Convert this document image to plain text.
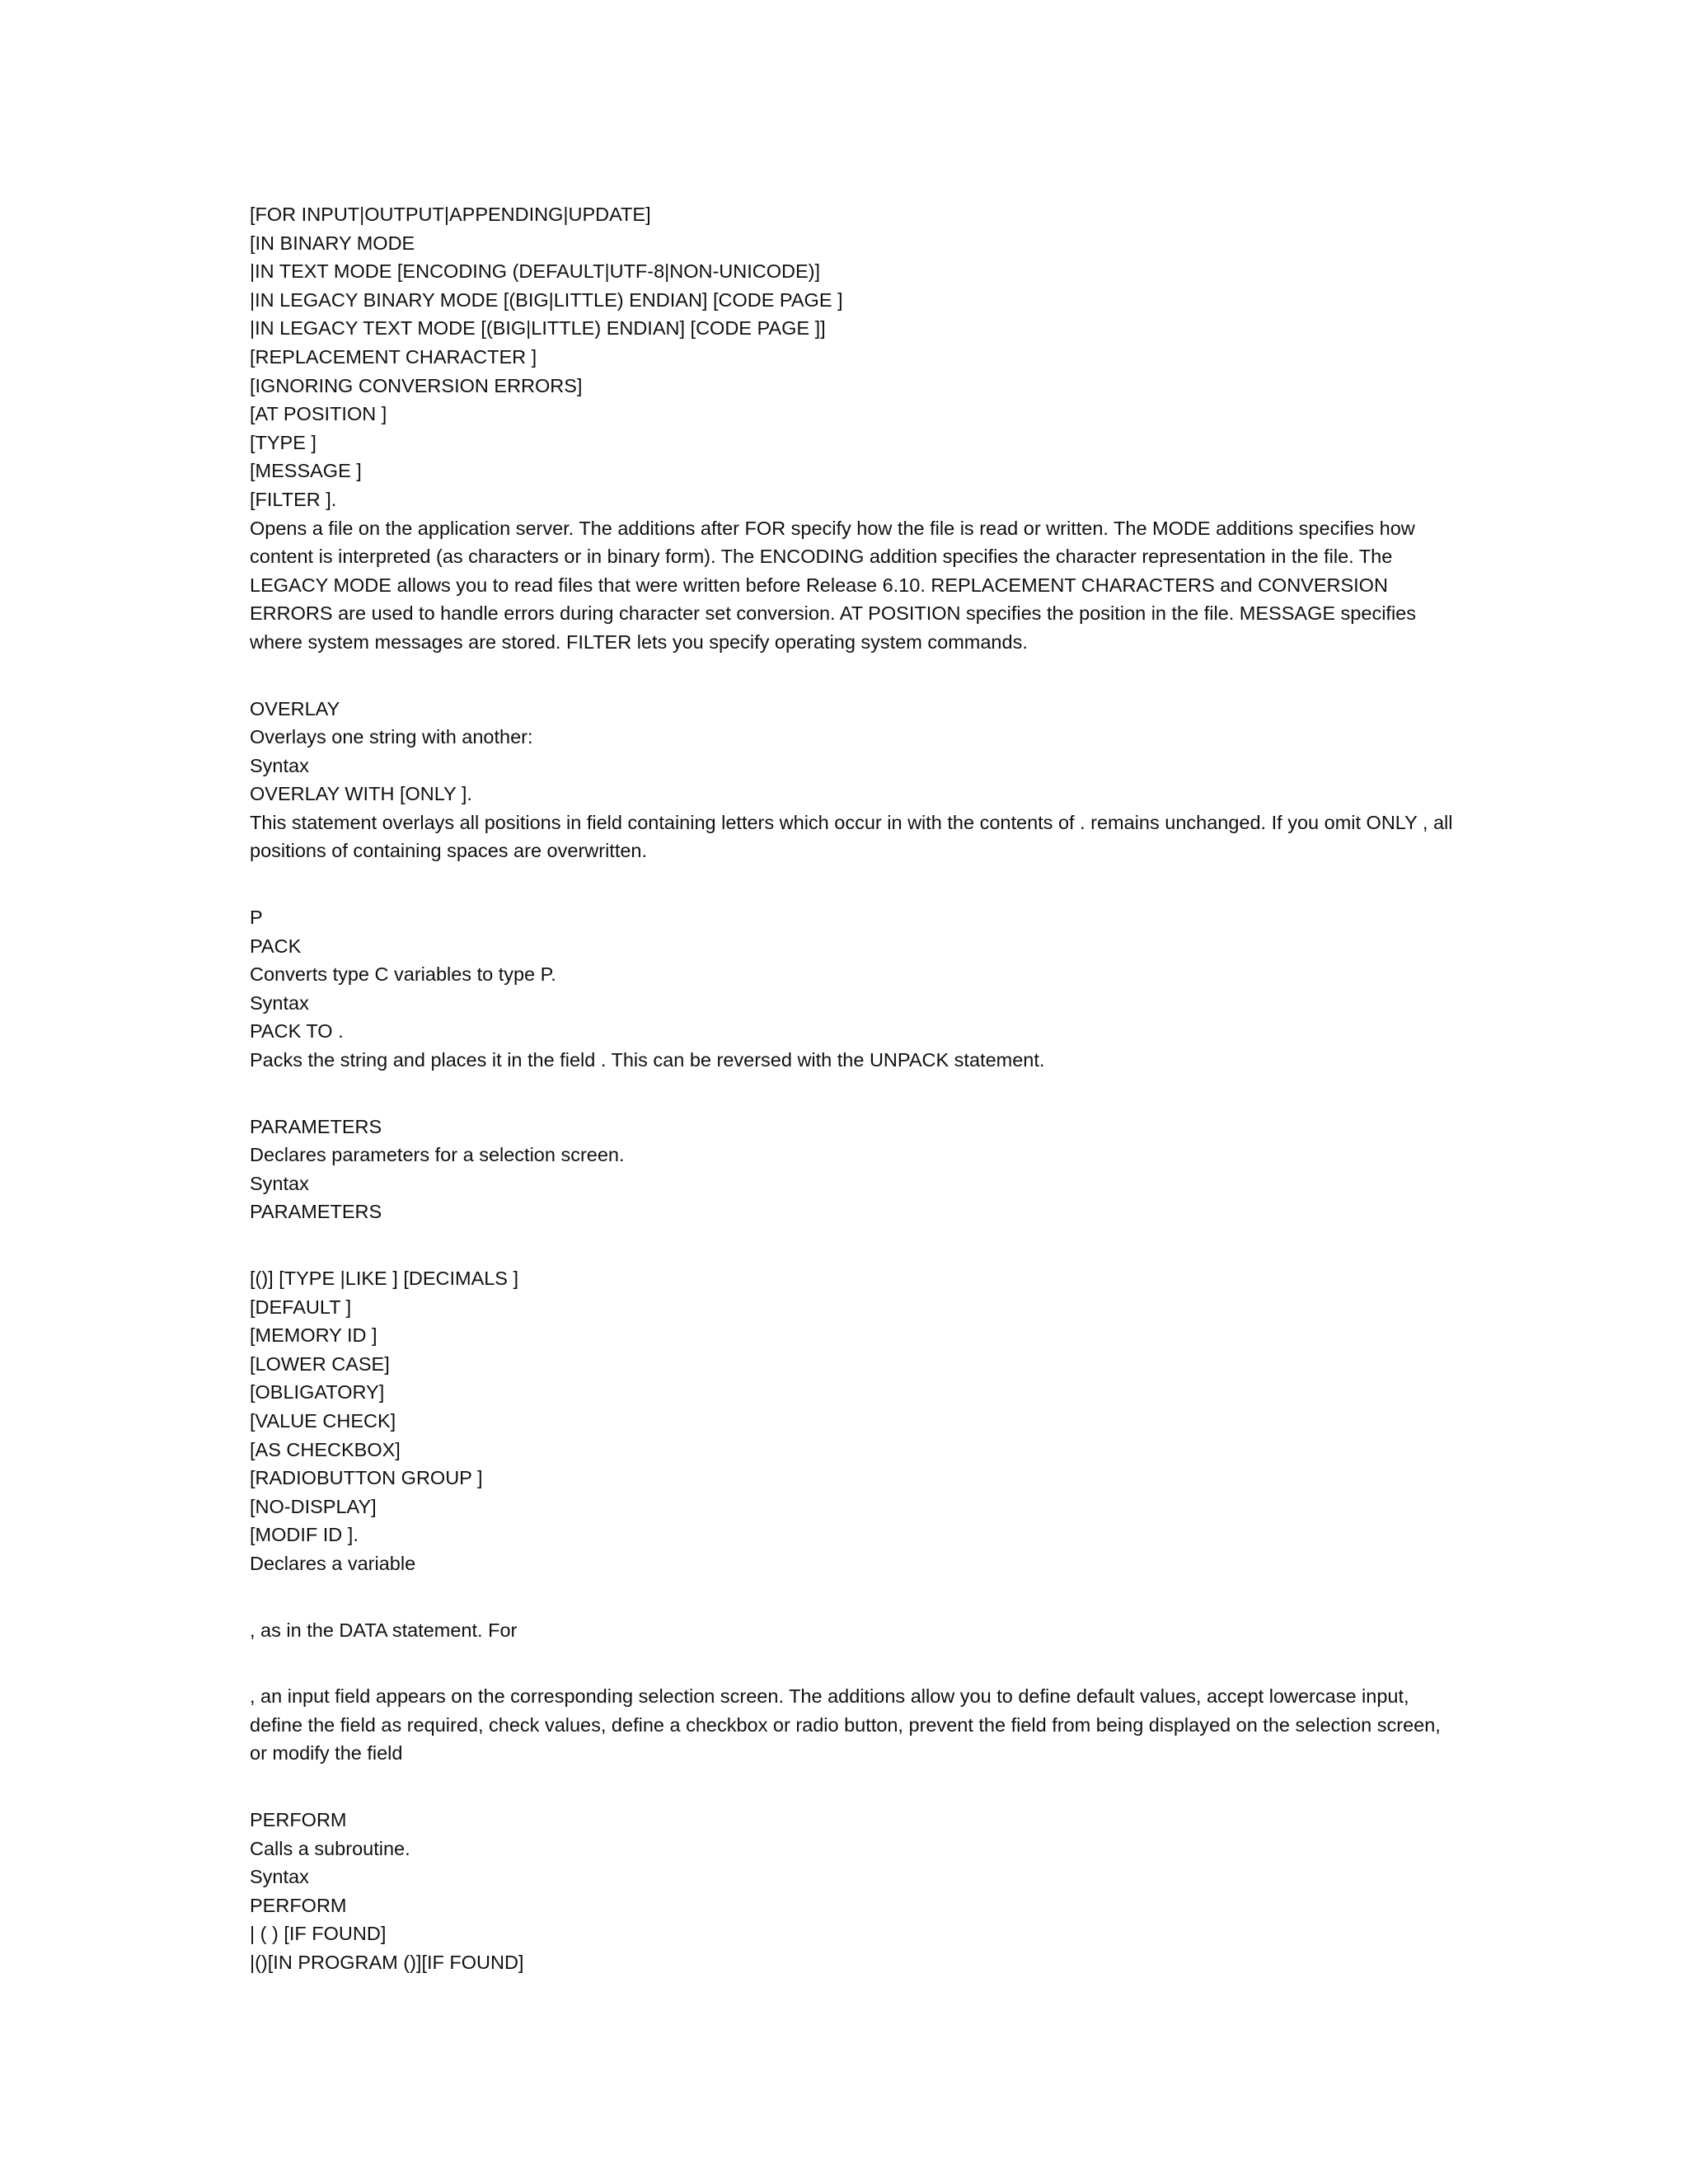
[FOR INPUT|OUTPUT|APPENDING|UPDATE]
[IN BINARY MODE
|IN TEXT MODE [ENCODING (DEFAULT|UTF-8|NON-UNICODE)]
|IN LEGACY BINARY MODE [(BIG|LITTLE) ENDIAN] [CODE PAGE ]
|IN LEGACY TEXT MODE [(BIG|LITTLE) ENDIAN] [CODE PAGE ]]
[REPLACEMENT CHARACTER ]
[IGNORING CONVERSION ERRORS]
[AT POSITION ]
[TYPE ]
[MESSAGE ]
[FILTER ].
Opens a file on the application server. The additions after FOR specify how the file is read or written. The MODE additions specifies how content is interpreted (as characters or in binary form). The ENCODING addition specifies the character representation in the file. The LEGACY MODE allows you to read files that were written before Release 6.10. REPLACEMENT CHARACTERS and CONVERSION ERRORS are used to handle errors during character set conversion. AT POSITION specifies the position in the file. MESSAGE specifies where system messages are stored. FILTER lets you specify operating system commands.
OVERLAY
Overlays one string with another:
Syntax
OVERLAY WITH [ONLY ].
This statement overlays all positions in field containing letters which occur in with the contents of . remains unchanged. If you omit ONLY , all positions of containing spaces are overwritten.
P
PACK
Converts type C variables to type P.
Syntax
PACK TO .
Packs the string and places it in the field . This can be reversed with the UNPACK statement.
PARAMETERS
Declares parameters for a selection screen.
Syntax
PARAMETERS
[()] [TYPE |LIKE ] [DECIMALS ]
[DEFAULT ]
[MEMORY ID ]
[LOWER CASE]
[OBLIGATORY]
[VALUE CHECK]
[AS CHECKBOX]
[RADIOBUTTON GROUP ]
[NO-DISPLAY]
[MODIF ID ].
Declares a variable
, as in the DATA statement. For
, an input field appears on the corresponding selection screen. The additions allow you to define default values, accept lowercase input, define the field as required, check values, define a checkbox or radio button, prevent the field from being displayed on the selection screen, or modify the field
PERFORM
Calls a subroutine.
Syntax
PERFORM
| ( ) [IF FOUND]
|()[IN PROGRAM ()][IF FOUND]
